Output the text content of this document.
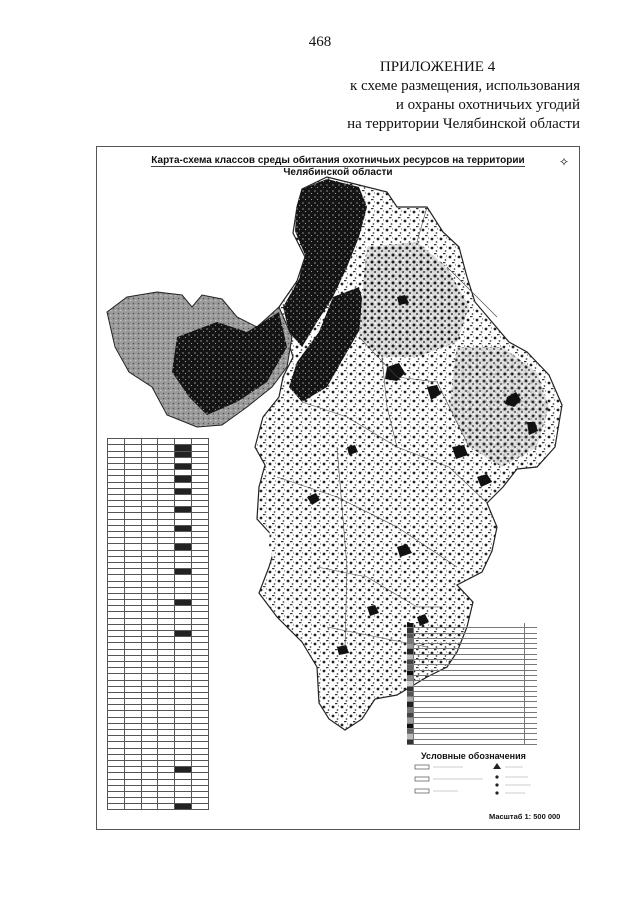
468
ПРИЛОЖЕНИЕ 4
к схеме размещения, использования
и охраны охотничьих угодий
на территории Челябинской области
Карта-схема классов среды обитания охотничьих ресурсов на территории
Челябинской области
✧

Условные обозначения
Масштаб 1: 500 000
